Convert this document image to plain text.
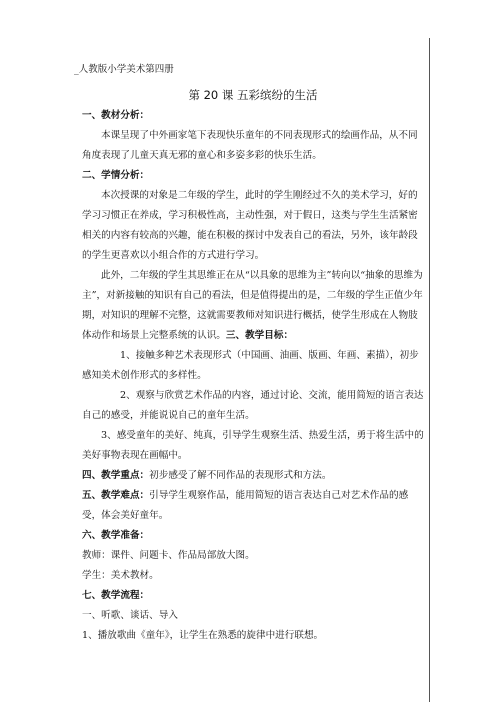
_人教版小学美术第四册

第 20 课 五彩缤纷的生活

一、教材分析：

本课呈现了中外画家笔下表现快乐童年的不同表现形式的绘画作品，从不同角度表现了儿童天真无邪的童心和多姿多彩的快乐生活。

二、学情分析：

本次授课的对象是二年级的学生，此时的学生刚经过不久的美术学习，好的学习习惯正在养成，学习积极性高，主动性强，对于假日，这类与学生生活紧密相关的内容有较高的兴趣，能在积极的探讨中发表自己的看法，另外，该年龄段的学生更喜欢以小组合作的方式进行学习。

此外，二年级的学生其思维正在从“以具象的思维为主”转向以“抽象的思维为主”，对新接触的知识有自己的看法，但是值得提出的是，二年级的学生正值少年期，对知识的理解不完整，这就需要教师对知识进行概括，使学生形成在人物肢体动作和场景上完整系统的认识。三、教学目标：

1、接触多种艺术表现形式（中国画、油画、版画、年画、素描），初步感知美术创作形式的多样性。

2、观察与欣赏艺术作品的内容，通过讨论、交流，能用简短的语言表达自己的感受，并能说说自己的童年生活。

3、感受童年的美好、纯真，引导学生观察生活、热爱生活，勇于将生活中的美好事物表现在画幅中。

四、教学重点：初步感受了解不同作品的表现形式和方法。

五、教学难点：引导学生观察作品，能用简短的语言表达自己对艺术作品的感受，体会美好童年。

六、教学准备：

教师：课件、问题卡、作品局部放大图。

学生：美术教材。

七、教学流程：

一、听歌、谈话、导入

1、播放歌曲《童年》，让学生在熟悉的旋律中进行联想。
